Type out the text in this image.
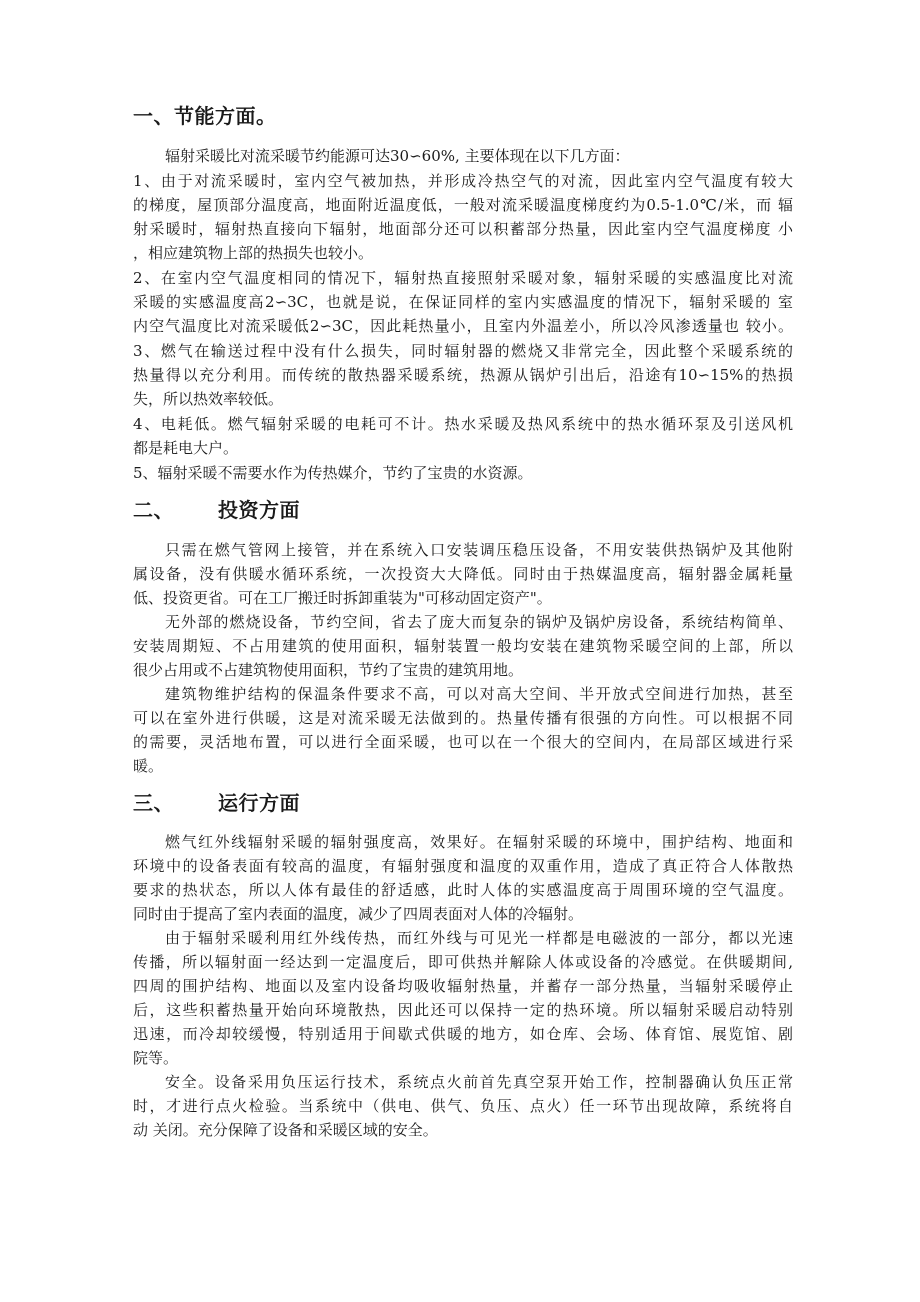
一、节能方面。
辐射采暖比对流采暖节约能源可达30∽60%, 主要体现在以下几方面：
1、由于对流采暖时，室内空气被加热，并形成冷热空气的对流，因此室内空气温度有较大
的梯度，屋顶部分温度高，地面附近温度低，一般对流采暖温度梯度约为0.5-1.0℃/米，而 辐
射采暖时，辐射热直接向下辐射，地面部分还可以积蓄部分热量，因此室内空气温度梯度 小
，相应建筑物上部的热损失也较小。
2、在室内空气温度相同的情况下，辐射热直接照射采暖对象，辐射采暖的实感温度比对流
采暖的实感温度高2∽3C，也就是说，在保证同样的室内实感温度的情况下，辐射采暖的 室
内空气温度比对流采暖低2∽3C，因此耗热量小，且室内外温差小，所以冷风渗透量也 较小。
3、燃气在输送过程中没有什么损失，同时辐射器的燃烧又非常完全，因此整个采暖系统的
热量得以充分利用。而传统的散热器采暖系统，热源从锅炉引出后，沿途有10∽15%的热损
失，所以热效率较低。
4、电耗低。燃气辐射采暖的电耗可不计。热水采暖及热风系统中的热水循环泵及引送风机
都是耗电大户。
5、辐射采暖不需要水作为传热媒介，节约了宝贵的水资源。
二、 投资方面
只需在燃气管网上接管，并在系统入口安装调压稳压设备，不用安装供热锅炉及其他附
属设备，没有供暖水循环系统，一次投资大大降低。同时由于热媒温度高，辐射器金属耗量
低、投资更省。可在工厂搬迁时拆卸重装为"可移动固定资产"。
无外部的燃烧设备，节约空间，省去了庞大而复杂的锅炉及锅炉房设备，系统结构简单、
安装周期短、不占用建筑的使用面积，辐射装置一般均安装在建筑物采暖空间的上部，所以
很少占用或不占建筑物使用面积，节约了宝贵的建筑用地。
建筑物维护结构的保温条件要求不高，可以对高大空间、半开放式空间进行加热，甚至
可以在室外进行供暖，这是对流采暖无法做到的。热量传播有很强的方向性。可以根据不同
的需要，灵活地布置，可以进行全面采暖，也可以在一个很大的空间内，在局部区域进行采
暖。
三、 运行方面
燃气红外线辐射采暖的辐射强度高，效果好。在辐射采暖的环境中，围护结构、地面和
环境中的设备表面有较高的温度，有辐射强度和温度的双重作用，造成了真正符合人体散热
要求的热状态，所以人体有最佳的舒适感，此时人体的实感温度高于周围环境的空气温度。
同时由于提高了室内表面的温度，减少了四周表面对人体的冷辐射。
由于辐射采暖利用红外线传热，而红外线与可见光一样都是电磁波的一部分，都以光速
传播，所以辐射面一经达到一定温度后，即可供热并解除人体或设备的冷感觉。在供暖期间,
四周的围护结构、地面以及室内设备均吸收辐射热量，并蓄存一部分热量，当辐射采暖停止
后，这些积蓄热量开始向环境散热，因此还可以保持一定的热环境。所以辐射采暖启动特别
迅速，而冷却较缓慢，特别适用于间歇式供暖的地方，如仓库、会场、体育馆、展览馆、剧
院等。
安全。设备采用负压运行技术，系统点火前首先真空泵开始工作，控制器确认负压正常
时，才进行点火检验。当系统中（供电、供气、负压、点火）任一环节出现故障，系统将自
动 关闭。充分保障了设备和采暖区域的安全。
